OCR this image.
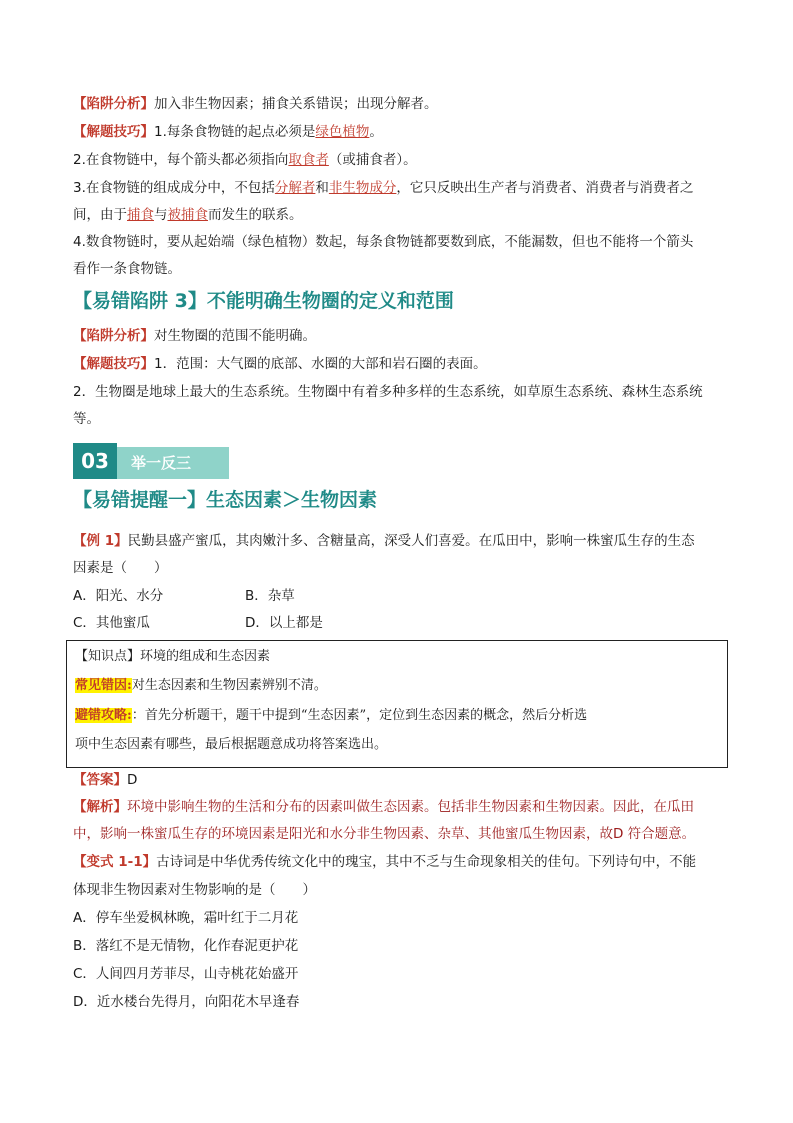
【陷阱分析】加入非生物因素；捕食关系错误；出现分解者。
【解题技巧】1.每条食物链的起点必须是绿色植物。
2.在食物链中，每个箭头都必须指向取食者（或捕食者）。
3.在食物链的组成成分中，不包括分解者和非生物成分，它只反映出生产者与消费者、消费者与消费者之
间，由于捕食与被捕食而发生的联系。
4.数食物链时，要从起始端（绿色植物）数起，每条食物链都要数到底，不能漏数，但也不能将一个箭头
看作一条食物链。
【易错陷阱 3】不能明确生物圈的定义和范围
【陷阱分析】对生物圈的范围不能明确。
【解题技巧】1．范围：大气圈的底部、水圈的大部和岩石圈的表面。
2．生物圈是地球上最大的生态系统。生物圈中有着多种多样的生态系统，如草原生态系统、森林生态系统
等。
03	举一反三
【易错提醒一】生态因素＞生物因素
【例 1】民勤县盛产蜜瓜，其肉嫩汁多、含糖量高，深受人们喜爱。在瓜田中，影响一株蜜瓜生存的生态
因素是（　　）
A．阳光、水分	B．杂草
C．其他蜜瓜	D．以上都是
【知识点】环境的组成和生态因素
常见错因:对生态因素和生物因素辨别不清。
避错攻略:：首先分析题干，题干中提到“生态因素”，定位到生态因素的概念，然后分析选
项中生态因素有哪些，最后根据题意成功将答案选出。
【答案】D
【解析】环境中影响生物的生活和分布的因素叫做生态因素。包括非生物因素和生物因素。因此，在瓜田
中，影响一株蜜瓜生存的环境因素是阳光和水分非生物因素、杂草、其他蜜瓜生物因素，故D 符合题意。
【变式 1-1】古诗词是中华优秀传统文化中的瑰宝，其中不乏与生命现象相关的佳句。下列诗句中，不能
体现非生物因素对生物影响的是（　　）
A．停车坐爱枫林晚，霜叶红于二月花
B．落红不是无情物，化作春泥更护花
C．人间四月芳菲尽，山寺桃花始盛开
D．近水楼台先得月，向阳花木早逢春
